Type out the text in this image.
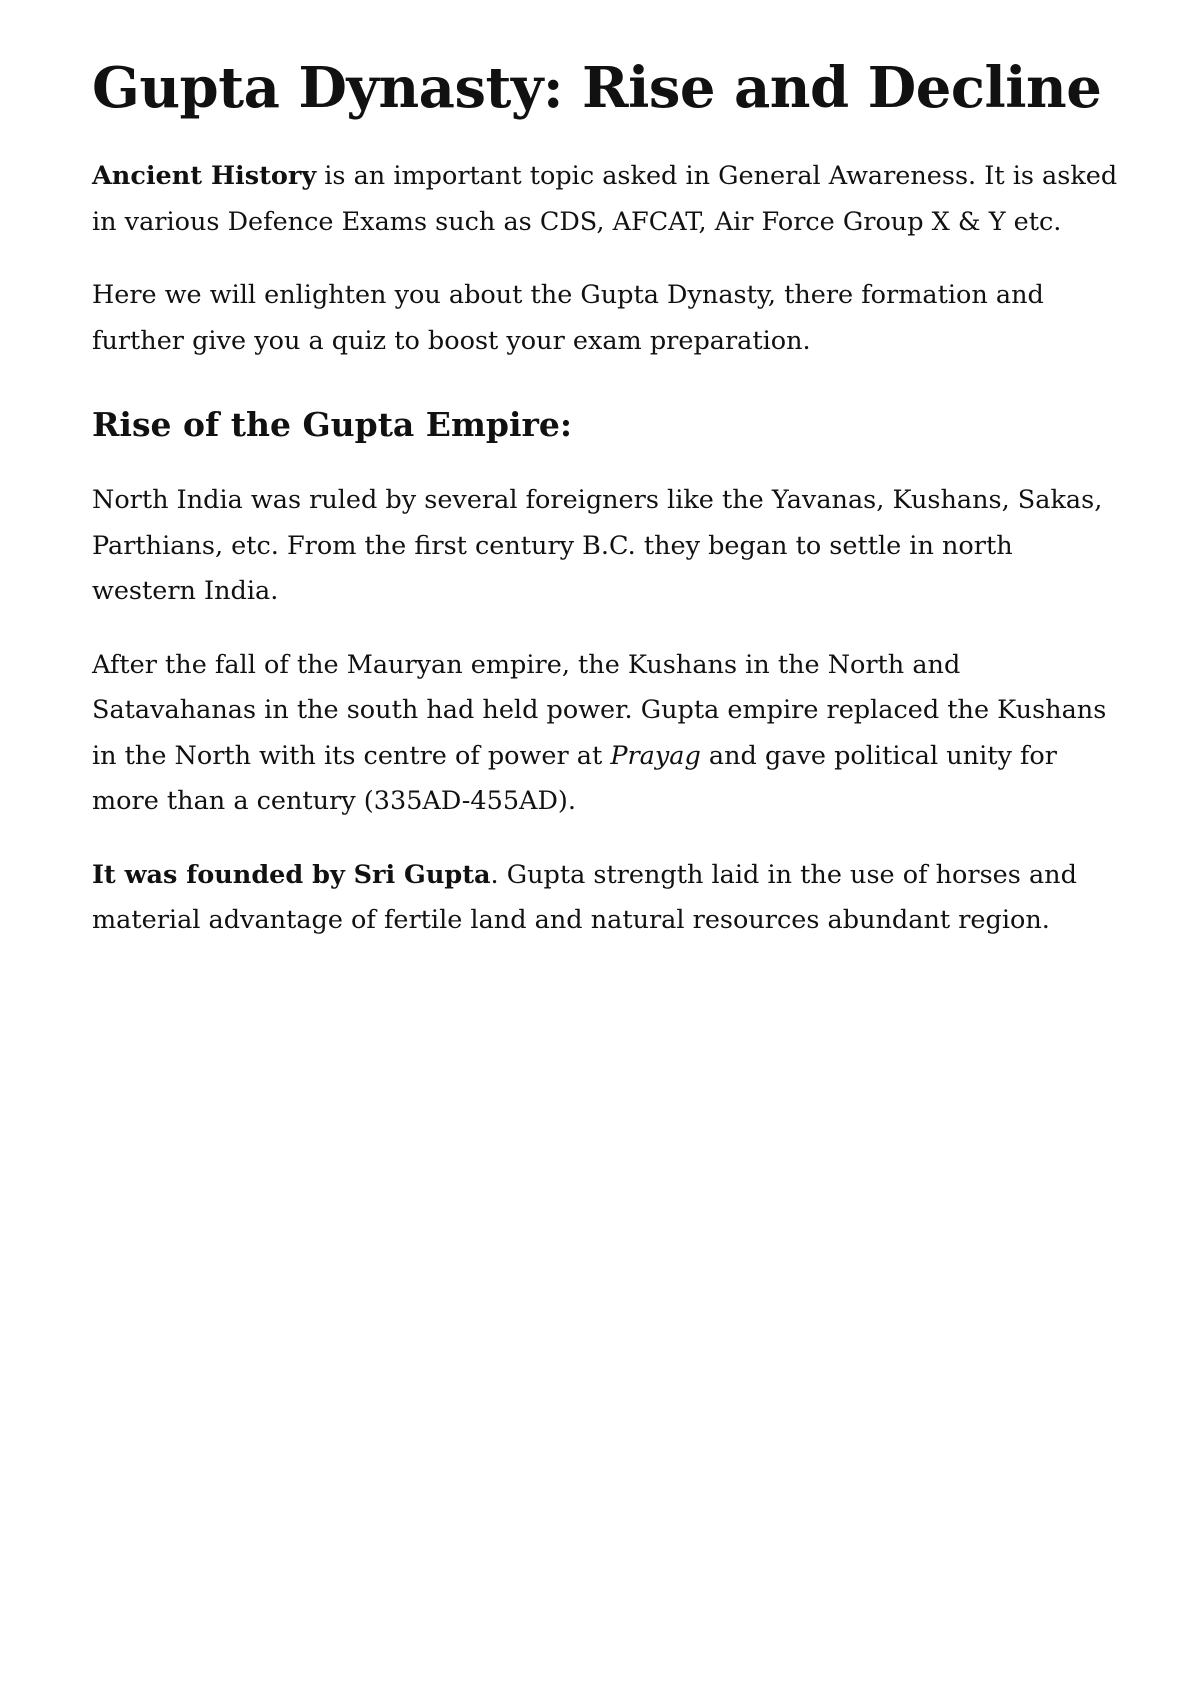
Gupta Dynasty: Rise and Decline

Ancient History is an important topic asked in General Awareness. It is asked in various Defence Exams such as CDS, AFCAT, Air Force Group X & Y etc.

Here we will enlighten you about the Gupta Dynasty, there formation and further give you a quiz to boost your exam preparation.

Rise of the Gupta Empire:

North India was ruled by several foreigners like the Yavanas, Kushans, Sakas, Parthians, etc. From the first century B.C. they began to settle in north western India.

After the fall of the Mauryan empire, the Kushans in the North and Satavahanas in the south had held power. Gupta empire replaced the Kushans in the North with its centre of power at Prayag and gave political unity for more than a century (335AD-455AD).

It was founded by Sri Gupta. Gupta strength laid in the use of horses and material advantage of fertile land and natural resources abundant region.
